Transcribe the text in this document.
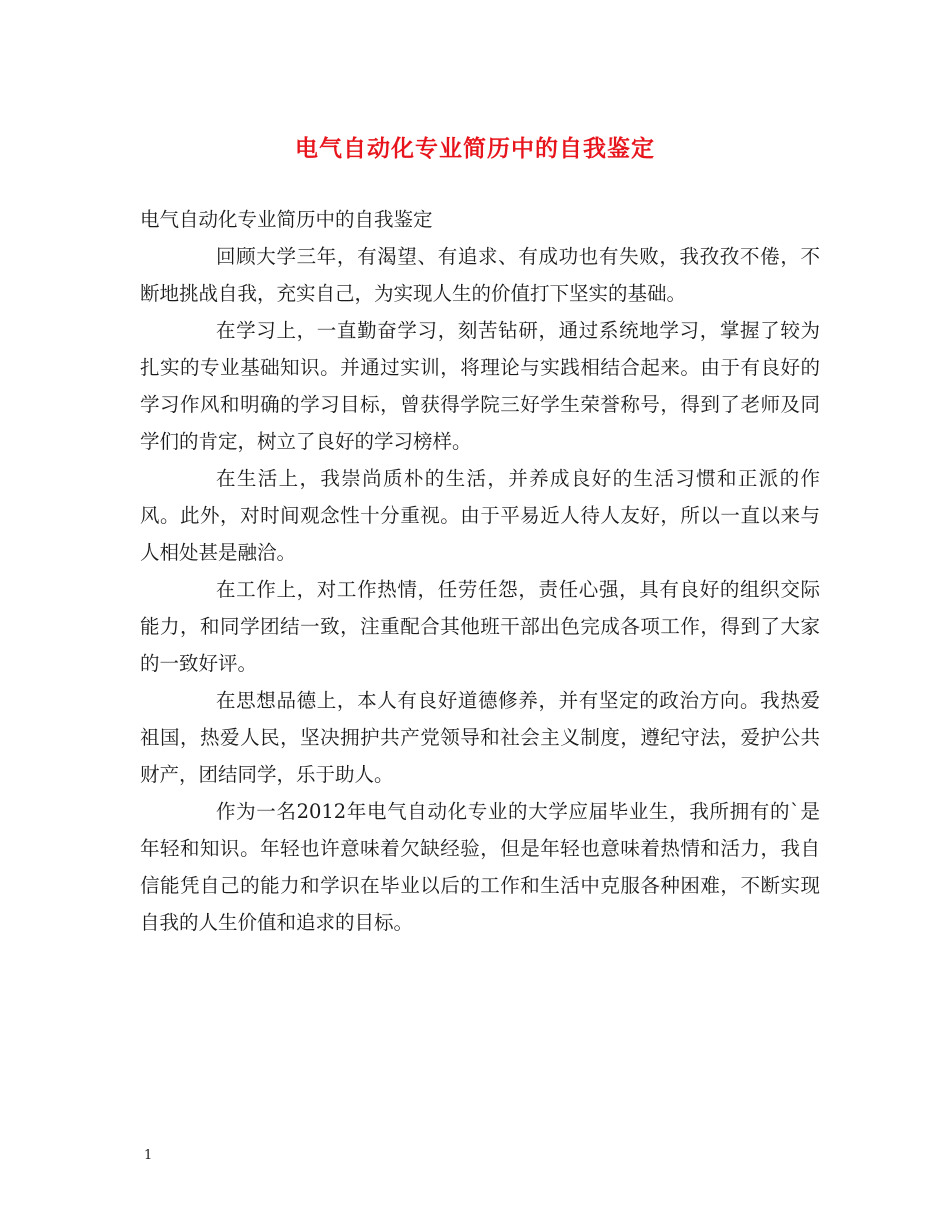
电气自动化专业简历中的自我鉴定

电气自动化专业简历中的自我鉴定

回顾大学三年，有渴望、有追求、有成功也有失败，我孜孜不倦，不断地挑战自我，充实自己，为实现人生的价值打下坚实的基础。

在学习上，一直勤奋学习，刻苦钻研，通过系统地学习，掌握了较为扎实的专业基础知识。并通过实训，将理论与实践相结合起来。由于有良好的学习作风和明确的学习目标，曾获得学院三好学生荣誉称号，得到了老师及同学们的肯定，树立了良好的学习榜样。

在生活上，我崇尚质朴的生活，并养成良好的生活习惯和正派的作风。此外，对时间观念性十分重视。由于平易近人待人友好，所以一直以来与人相处甚是融洽。

在工作上，对工作热情，任劳任怨，责任心强，具有良好的组织交际能力，和同学团结一致，注重配合其他班干部出色完成各项工作，得到了大家的一致好评。

在思想品德上，本人有良好道德修养，并有坚定的政治方向。我热爱祖国，热爱人民，坚决拥护共产党领导和社会主义制度，遵纪守法，爱护公共财产，团结同学，乐于助人。

作为一名2012年电气自动化专业的大学应届毕业生，我所拥有的`是年轻和知识。年轻也许意味着欠缺经验，但是年轻也意味着热情和活力，我自信能凭自己的能力和学识在毕业以后的工作和生活中克服各种困难，不断实现自我的人生价值和追求的目标。

1
